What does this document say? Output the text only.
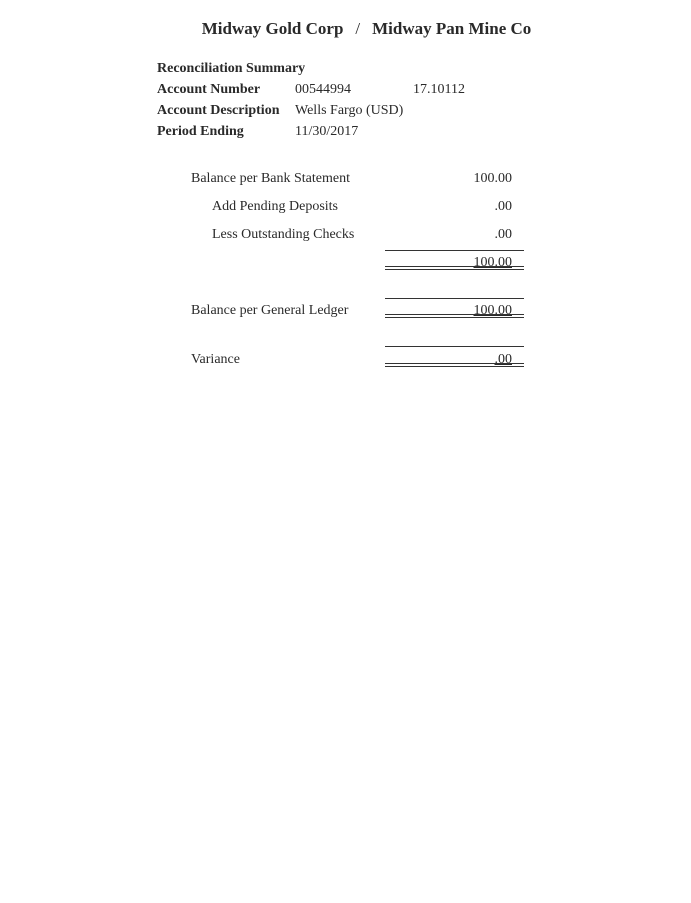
Midway Gold Corp / Midway Pan Mine Co
Reconciliation Summary
Account Number 00544994	17.10112
Account Description Wells Fargo (USD)
Period Ending	11/30/2017
Balance per Bank Statement	100.00
Add Pending Deposits	.00
Less Outstanding Checks	.00
100.00
Balance per General Ledger	100.00
Variance	.00
